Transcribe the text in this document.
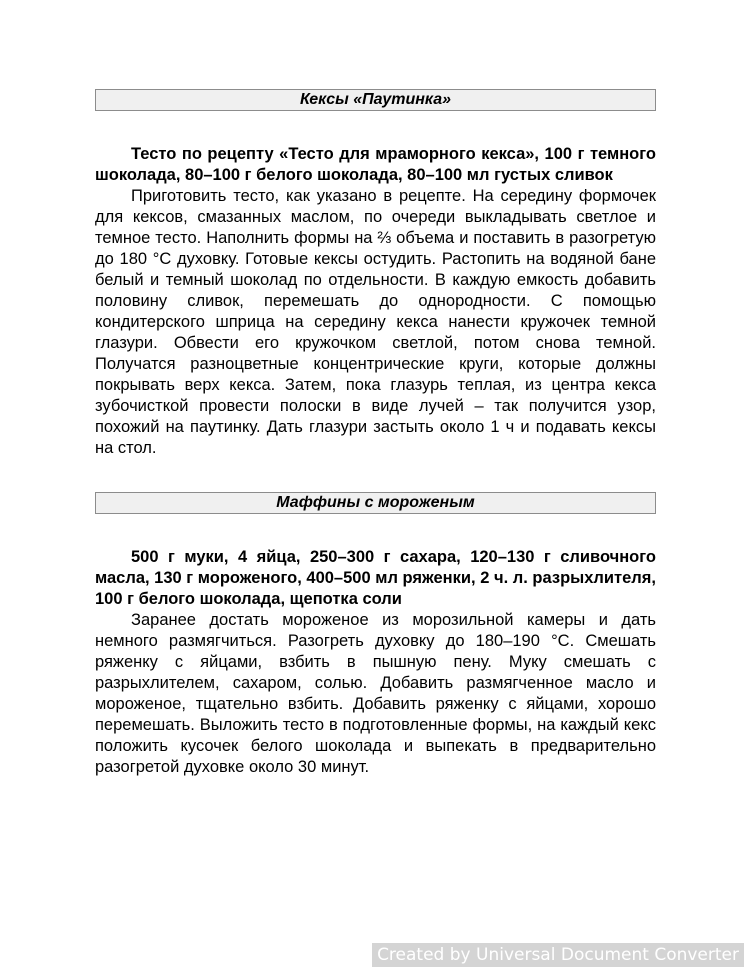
Кексы «Паутинка»

Тесто по рецепту «Тесто для мраморного кекса», 100 г темного шоколада, 80–100 г белого шоколада, 80–100 мл густых сливок

Приготовить тесто, как указано в рецепте. На середину формочек для кексов, смазанных маслом, по очереди выкладывать светлое и темное тесто. Наполнить формы на ⅔ объема и поставить в разогретую до 180 °C духовку. Готовые кексы остудить. Растопить на водяной бане белый и темный шоколад по отдельности. В каждую емкость добавить половину сливок, перемешать до однородности. С помощью кондитерского шприца на середину кекса нанести кружочек темной глазури. Обвести его кружочком светлой, потом снова темной. Получатся разноцветные концентрические круги, которые должны покрывать верх кекса. Затем, пока глазурь теплая, из центра кекса зубочисткой провести полоски в виде лучей – так получится узор, похожий на паутинку. Дать глазури застыть около 1 ч и подавать кексы на стол.

Маффины с мороженым

500 г муки, 4 яйца, 250–300 г сахара, 120–130 г сливочного масла, 130 г мороженого, 400–500 мл ряженки, 2 ч. л. разрыхлителя, 100 г белого шоколада, щепотка соли

Заранее достать мороженое из морозильной камеры и дать немного размягчиться. Разогреть духовку до 180–190 °C. Смешать ряженку с яйцами, взбить в пышную пену. Муку смешать с разрыхлителем, сахаром, солью. Добавить размягченное масло и мороженое, тщательно взбить. Добавить ряженку с яйцами, хорошо перемешать. Выложить тесто в подготовленные формы, на каждый кекс положить кусочек белого шоколада и выпекать в предварительно разогретой духовке около 30 минут.

Created by Universal Document Converter
